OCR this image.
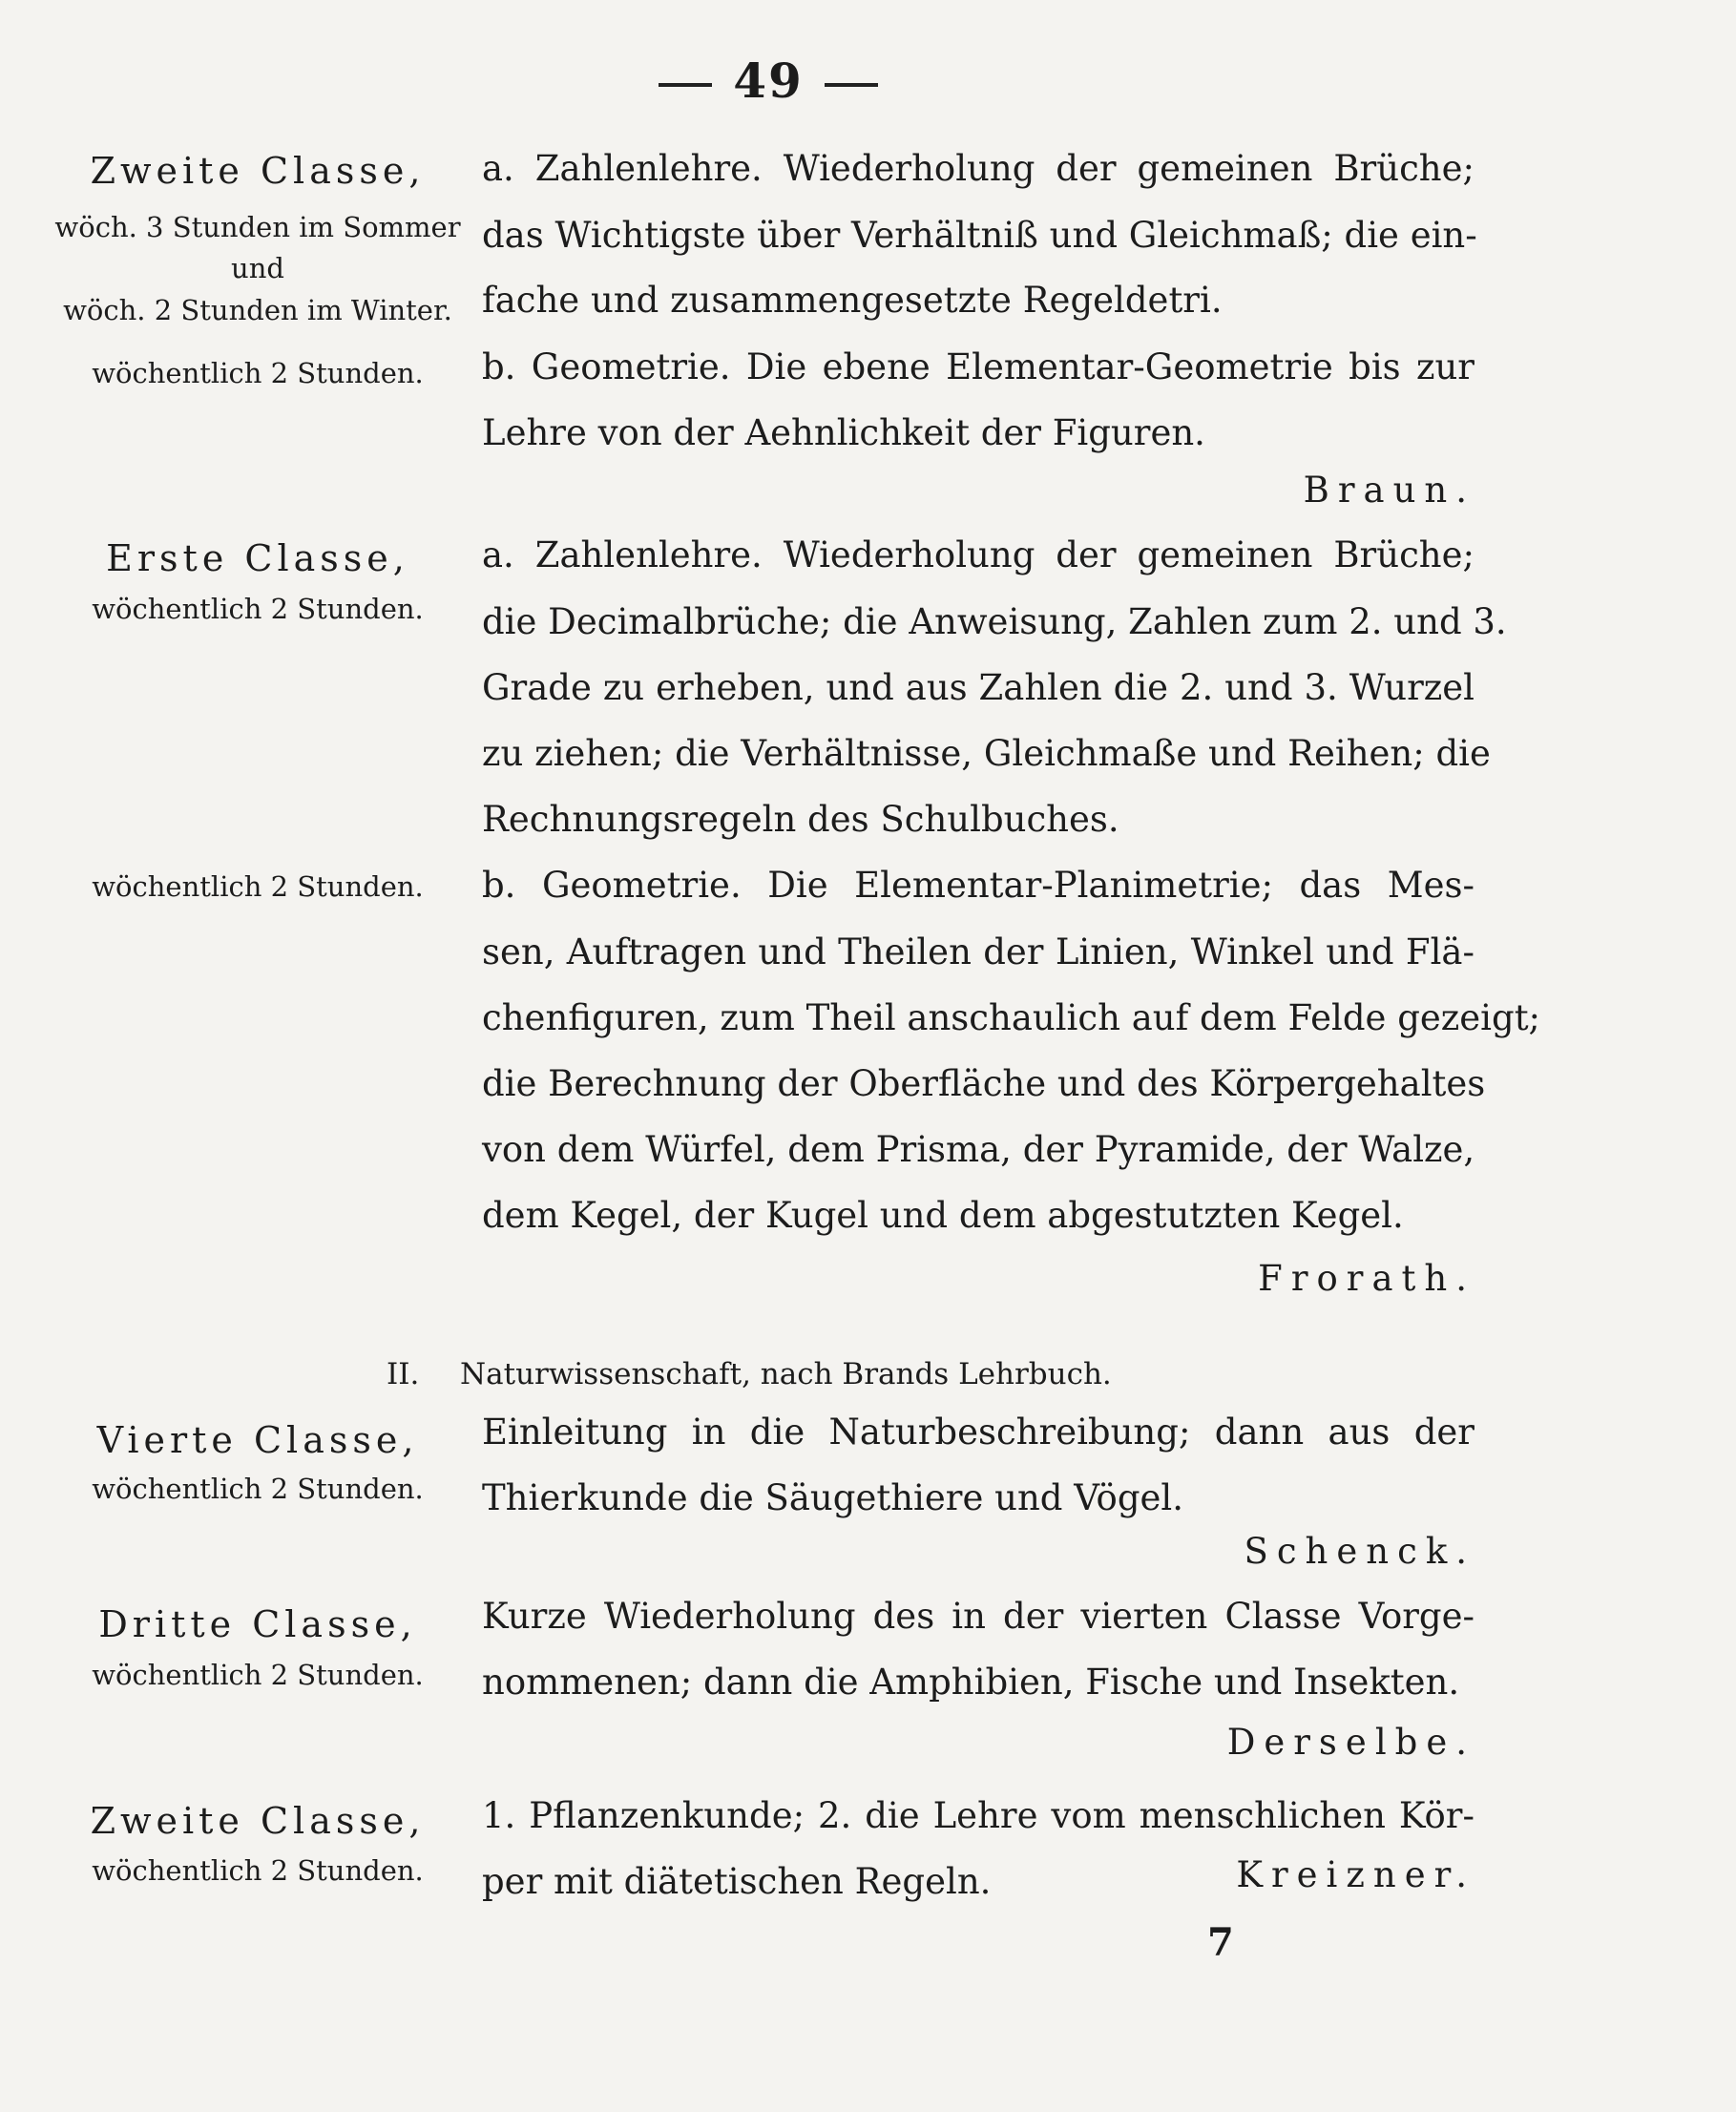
49
Zweite Classe,
wöch. 3 Stunden im Sommer
und
wöch. 2 Stunden im Winter.
wöchentlich 2 Stunden.
a. Zahlenlehre. Wiederholung der gemeinen Brüche;
das Wichtigste über Verhältniß und Gleichmaß; die ein-
fache und zusammengesetzte Regeldetri.
b. Geometrie. Die ebene Elementar-Geometrie bis zur
Lehre von der Aehnlichkeit der Figuren.
Braun.
Erste Classe,
wöchentlich 2 Stunden.
wöchentlich 2 Stunden.
a. Zahlenlehre. Wiederholung der gemeinen Brüche;
die Decimalbrüche; die Anweisung, Zahlen zum 2. und 3.
Grade zu erheben, und aus Zahlen die 2. und 3. Wurzel
zu ziehen; die Verhältnisse, Gleichmaße und Reihen; die
Rechnungsregeln des Schulbuches.
b. Geometrie. Die Elementar-Planimetrie; das Mes-
sen, Auftragen und Theilen der Linien, Winkel und Flä-
chenfiguren, zum Theil anschaulich auf dem Felde gezeigt;
die Berechnung der Oberfläche und des Körpergehaltes
von dem Würfel, dem Prisma, der Pyramide, der Walze,
dem Kegel, der Kugel und dem abgestutzten Kegel.
Frorath.
II. Naturwissenschaft, nach Brands Lehrbuch.
Vierte Classe,
wöchentlich 2 Stunden.
Einleitung in die Naturbeschreibung; dann aus der
Thierkunde die Säugethiere und Vögel.
Schenck.
Dritte Classe,
wöchentlich 2 Stunden.
Kurze Wiederholung des in der vierten Classe Vorge-
nommenen; dann die Amphibien, Fische und Insekten.
Derselbe.
Zweite Classe,
wöchentlich 2 Stunden.
1. Pflanzenkunde; 2. die Lehre vom menschlichen Kör-
per mit diätetischen Regeln.	Kreizner.
7
